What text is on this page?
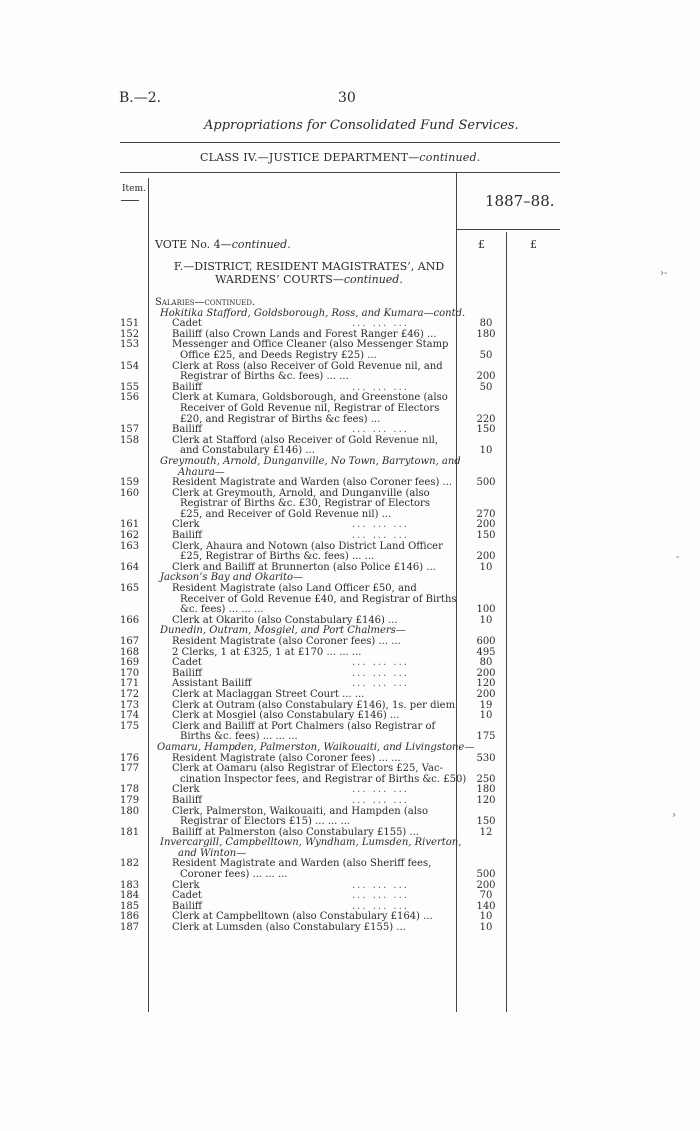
B.—2.	30
Appropriations for Consolidated Fund Services.
CLASS IV.—JUSTICE DEPARTMENT—continued.
Item.
1887–88.
VOTE No. 4—continued.	£	£
F.—DISTRICT, RESIDENT MAGISTRATES’, AND
WARDENS’ COURTS—continued.
Salaries—continued.
Hokitika Stafford, Goldsborough, Ross, and Kumara—contd.
151	Cadet	... ... ...	80
152	Bailiff (also Crown Lands and Forest Ranger £46) ...	180
153	Messenger and Office Cleaner (also Messenger Stamp
Office £25, and Deeds Registry £25) ...	50
154	Clerk at Ross (also Receiver of Gold Revenue nil, and
Registrar of Births &c. fees) ... ...	200
155	Bailiff	... ... ...	50
156	Clerk at Kumara, Goldsborough, and Greenstone (also
Receiver of Gold Revenue nil, Registrar of Electors
£20, and Registrar of Births &c fees) ...	220
157	Bailiff	... ... ...	150
158	Clerk at Stafford (also Receiver of Gold Revenue nil,
and Constabulary £146) ...	10
Greymouth, Arnold, Dunganville, No Town, Barrytown, and
Ahaura—
159	Resident Magistrate and Warden (also Coroner fees) ...	500
160	Clerk at Greymouth, Arnold, and Dunganville (also
Registrar of Births &c. £30, Registrar of Electors
£25, and Receiver of Gold Revenue nil) ...	270
161	Clerk	... ... ...	200
162	Bailiff	... ... ...	150
163	Clerk, Ahaura and Notown (also District Land Officer
£25, Registrar of Births &c. fees) ... ...	200
164	Clerk and Bailiff at Brunnerton (also Police £146) ...	10
Jackson’s Bay and Okarito—
165	Resident Magistrate (also Land Officer £50, and
Receiver of Gold Revenue £40, and Registrar of Births
&c. fees) ... ... ...	100
166	Clerk at Okarito (also Constabulary £146) ...	10
Dunedin, Outram, Mosgiel, and Port Chalmers—
167	Resident Magistrate (also Coroner fees) ... ...	600
168	2 Clerks, 1 at £325, 1 at £170 ... ... ...	495
169	Cadet	... ... ...	80
170	Bailiff	... ... ...	200
171	Assistant Bailiff	... ... ...	120
172	Clerk at Maclaggan Street Court ... ...	200
173	Clerk at Outram (also Constabulary £146), 1s. per diem	19
174	Clerk at Mosgiel (also Constabulary £146) ...	10
175	Clerk and Bailiff at Port Chalmers (also Registrar of
Births &c. fees) ... ... ...	175
Oamaru, Hampden, Palmerston, Waikouaiti, and Livingstone—
176	Resident Magistrate (also Coroner fees) ... ...	530
177	Clerk at Oamaru (also Registrar of Electors £25, Vac-
cination Inspector fees, and Registrar of Births &c. £50)	250
178	Clerk	... ... ...	180
179	Bailiff	... ... ...	120
180	Clerk, Palmerston, Waikouaiti, and Hampden (also
Registrar of Electors £15) ... ... ...	150
181	Bailiff at Palmerston (also Constabulary £155) ...	12
Invercargill, Campbelltown, Wyndham, Lumsden, Riverton,
and Winton—
182	Resident Magistrate and Warden (also Sheriff fees,
Coroner fees) ... ... ...	500
183	Clerk	... ... ...	200
184	Cadet	... ... ...	70
185	Bailiff	... ... ...	140
186	Clerk at Campbelltown (also Constabulary £164) ...	10
187	Clerk at Lumsden (also Constabulary £155) ...	10
›-
-
›
